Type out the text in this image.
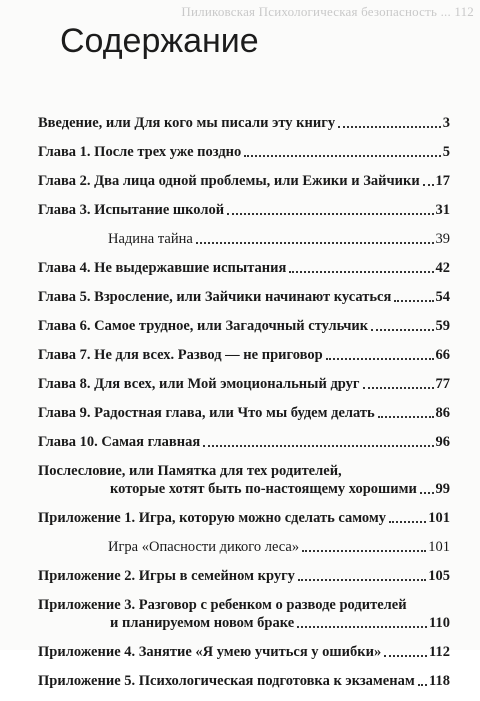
Пиликовская Психологическая безопасность ... 112
Содержание
Введение, или Для кого мы писали эту книгу	3
Глава 1. После трех уже поздно	5
Глава 2. Два лица одной проблемы, или Ежики и Зайчики 17
Глава 3. Испытание школой	31
Надина тайна	39
Глава 4. Не выдержавшие испытания	42
Глава 5. Взросление, или Зайчики начинают кусаться	54
Глава 6. Самое трудное, или Загадочный стульчик	59
Глава 7. Не для всех. Развод — не приговор	66
Глава 8. Для всех, или Мой эмоциональный друг	77
Глава 9. Радостная глава, или Что мы будем делать	86
Глава 10. Самая главная	96
Послесловие, или Памятка для тех родителей,
которые хотят быть по-настоящему хорошими 99
Приложение 1. Игра, которую можно сделать самому	101
Игра «Опасности дикого леса»	101
Приложение 2. Игры в семейном кругу	105
Приложение 3. Разговор с ребенком о разводе родителей
и планируемом новом браке	110
Приложение 4. Занятие «Я умею учиться у ошибки»	112
Приложение 5. Психологическая подготовка к экзаменам 118
